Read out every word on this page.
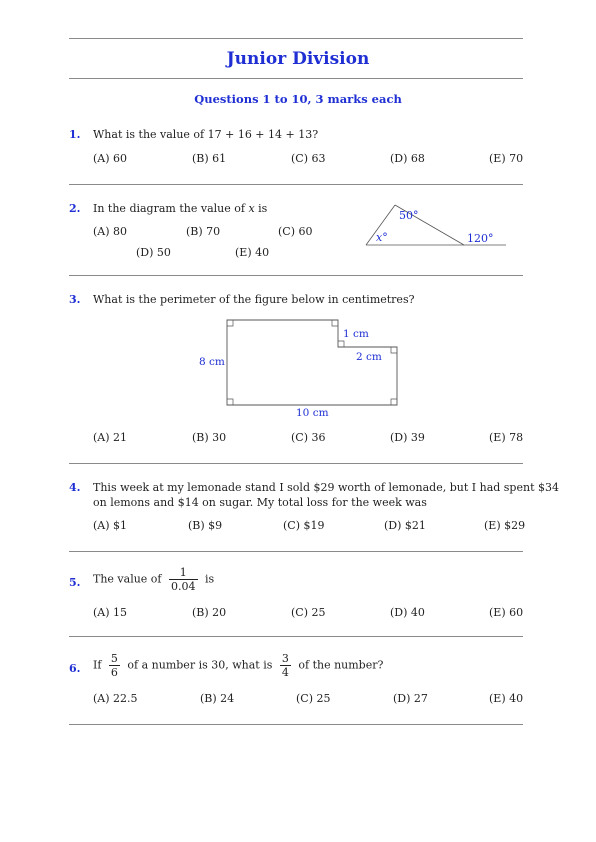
Junior Division
Questions 1 to 10, 3 marks each
1. What is the value of 17 + 16 + 14 + 13?
(A) 60	(B) 61	(C) 63	(D) 68	(E) 70
2. In the diagram the value of x is
(A) 80	(B) 70	(C) 60
(D) 50	(E) 40
50°
x°	120°
3. What is the perimeter of the figure below in centimetres?
8 cm
1 cm
2 cm
10 cm
(A) 21	(B) 30	(C) 36	(D) 39	(E) 78
4. This week at my lemonade stand I sold $29 worth of lemonade, but I had spent $34
on lemons and $14 on sugar. My total loss for the week was
(A) $1	(B) $9	(C) $19	(D) $21	(E) $29
5. The value of $\frac{1}{0.04}$ is
(A) 15	(B) 20	(C) 25	(D) 40	(E) 60
6. If $\frac{5}{6}$ of a number is 30, what is $\frac{3}{4}$ of the number?
(A) 22.5	(B) 24	(C) 25	(D) 27	(E) 40
